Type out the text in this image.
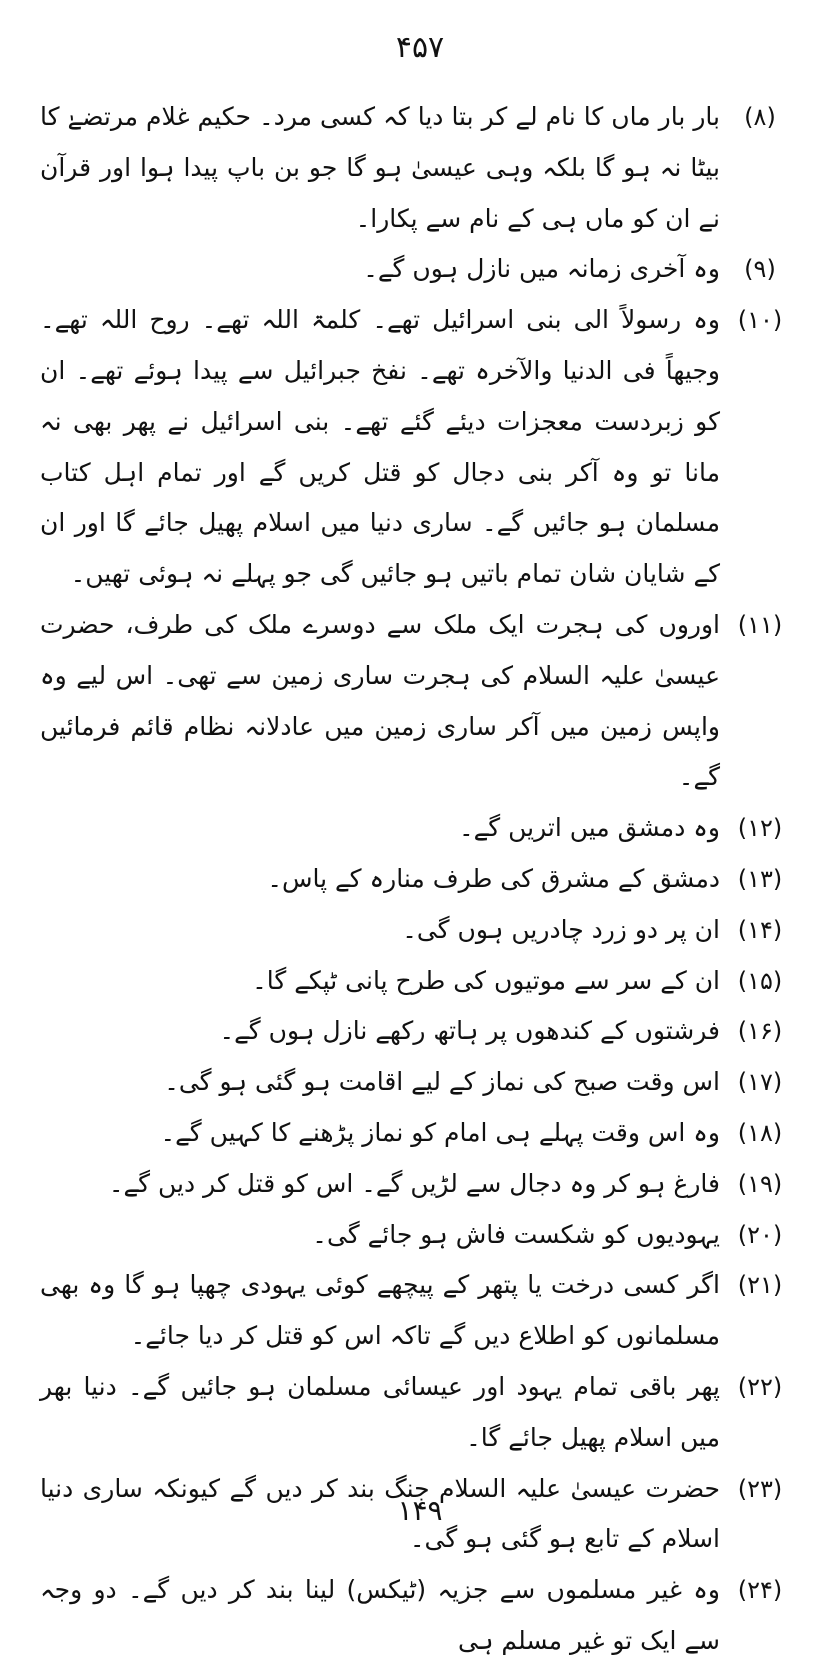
۴۵۷
(۸)
بار بار ماں کا نام لے کر بتا دیا کہ کسی مرد۔ حکیم غلام مرتضےٰ کا بیٹا نہ ہو گا بلکہ وہی عیسیٰ ہو گا جو بن باپ پیدا ہوا اور قرآن نے ان کو ماں ہی کے نام سے پکارا۔
(۹)
وہ آخری زمانہ میں نازل ہوں گے۔
(۱۰)
وہ رسولاً الی بنی اسرائیل تھے۔ کلمۃ اللہ تھے۔ روح اللہ تھے۔ وجیھاً فی الدنیا والآخرہ تھے۔ نفخ جبرائیل سے پیدا ہوئے تھے۔ ان کو زبردست معجزات دیئے گئے تھے۔ بنی اسرائیل نے پھر بھی نہ مانا تو وہ آکر بنی دجال کو قتل کریں گے اور تمام اہل کتاب مسلمان ہو جائیں گے۔ ساری دنیا میں اسلام پھیل جائے گا اور ان کے شایان شان تمام باتیں ہو جائیں گی جو پہلے نہ ہوئی تھیں۔
(۱۱)
اوروں کی ہجرت ایک ملک سے دوسرے ملک کی طرف، حضرت عیسیٰ علیہ السلام کی ہجرت ساری زمین سے تھی۔ اس لیے وہ واپس زمین میں آکر ساری زمین میں عادلانہ نظام قائم فرمائیں گے۔
(۱۲)
وہ دمشق میں اتریں گے۔
(۱۳)
دمشق کے مشرق کی طرف منارہ کے پاس۔
(۱۴)
ان پر دو زرد چادریں ہوں گی۔
(۱۵)
ان کے سر سے موتیوں کی طرح پانی ٹپکے گا۔
(۱۶)
فرشتوں کے کندھوں پر ہاتھ رکھے نازل ہوں گے۔
(۱۷)
اس وقت صبح کی نماز کے لیے اقامت ہو گئی ہو گی۔
(۱۸)
وہ اس وقت پہلے ہی امام کو نماز پڑھنے کا کہیں گے۔
(۱۹)
فارغ ہو کر وہ دجال سے لڑیں گے۔ اس کو قتل کر دیں گے۔
(۲۰)
یہودیوں کو شکست فاش ہو جائے گی۔
(۲۱)
اگر کسی درخت یا پتھر کے پیچھے کوئی یہودی چھپا ہو گا وہ بھی مسلمانوں کو اطلاع دیں گے تاکہ اس کو قتل کر دیا جائے۔
(۲۲)
پھر باقی تمام یہود اور عیسائی مسلمان ہو جائیں گے۔ دنیا بھر میں اسلام پھیل جائے گا۔
(۲۳)
حضرت عیسیٰ علیہ السلام جنگ بند کر دیں گے کیونکہ ساری دنیا اسلام کے تابع ہو گئی ہو گی۔
(۲۴)
وہ غیر مسلموں سے جزیہ (ٹیکس) لینا بند کر دیں گے۔ دو وجہ سے ایک تو غیر مسلم ہی
۱۴۹
